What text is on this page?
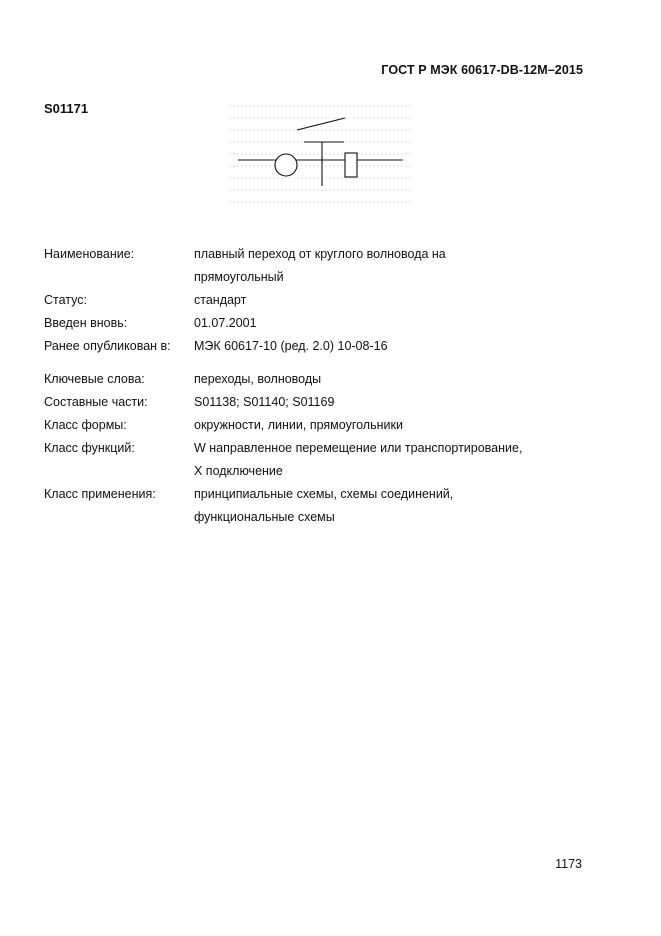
ГОСТ Р МЭК 60617-DB-12M–2015
S01171
Наименование:	плавный переход от круглого волновода на
прямоугольный
Статус:	стандарт
Введен вновь:	01.07.2001
Ранее опубликован в: МЭК 60617-10 (ред. 2.0) 10-08-16
Ключевые слова:	переходы, волноводы
Составные части:	S01138; S01140; S01169
Класс формы:	окружности, линии, прямоугольники
Класс функций:	W направленное перемещение или транспортирование,
X подключение
Класс применения:	принципиальные схемы, схемы соединений,
функциональные схемы
1173
